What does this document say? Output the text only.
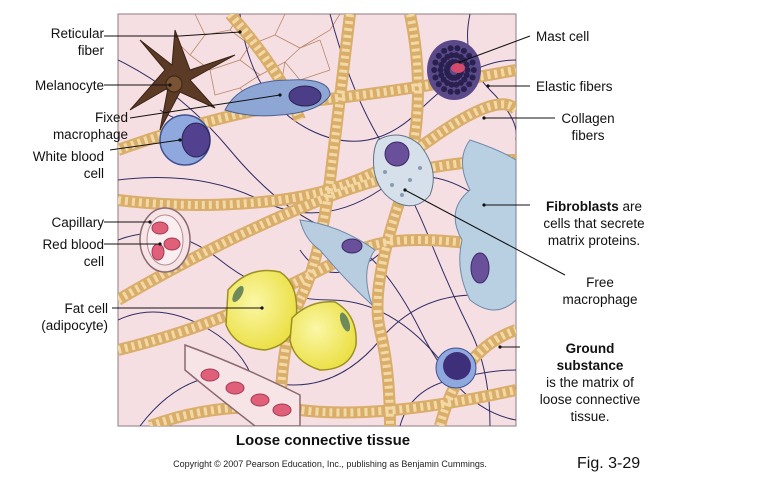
Reticular
fiber
Melanocyte
Fixed
macrophage
White blood
cell
Capillary
Red blood
cell
Fat cell
(adipocyte)
Mast cell
Elastic fibers
Collagen
fibers
Fibroblasts are
cells that secrete
matrix proteins.
Free
macrophage
Ground
substance
is the matrix of
loose connective
tissue.
Loose connective tissue
Copyright © 2007 Pearson Education, Inc., publishing as Benjamin Cummings.	Fig. 3-29
